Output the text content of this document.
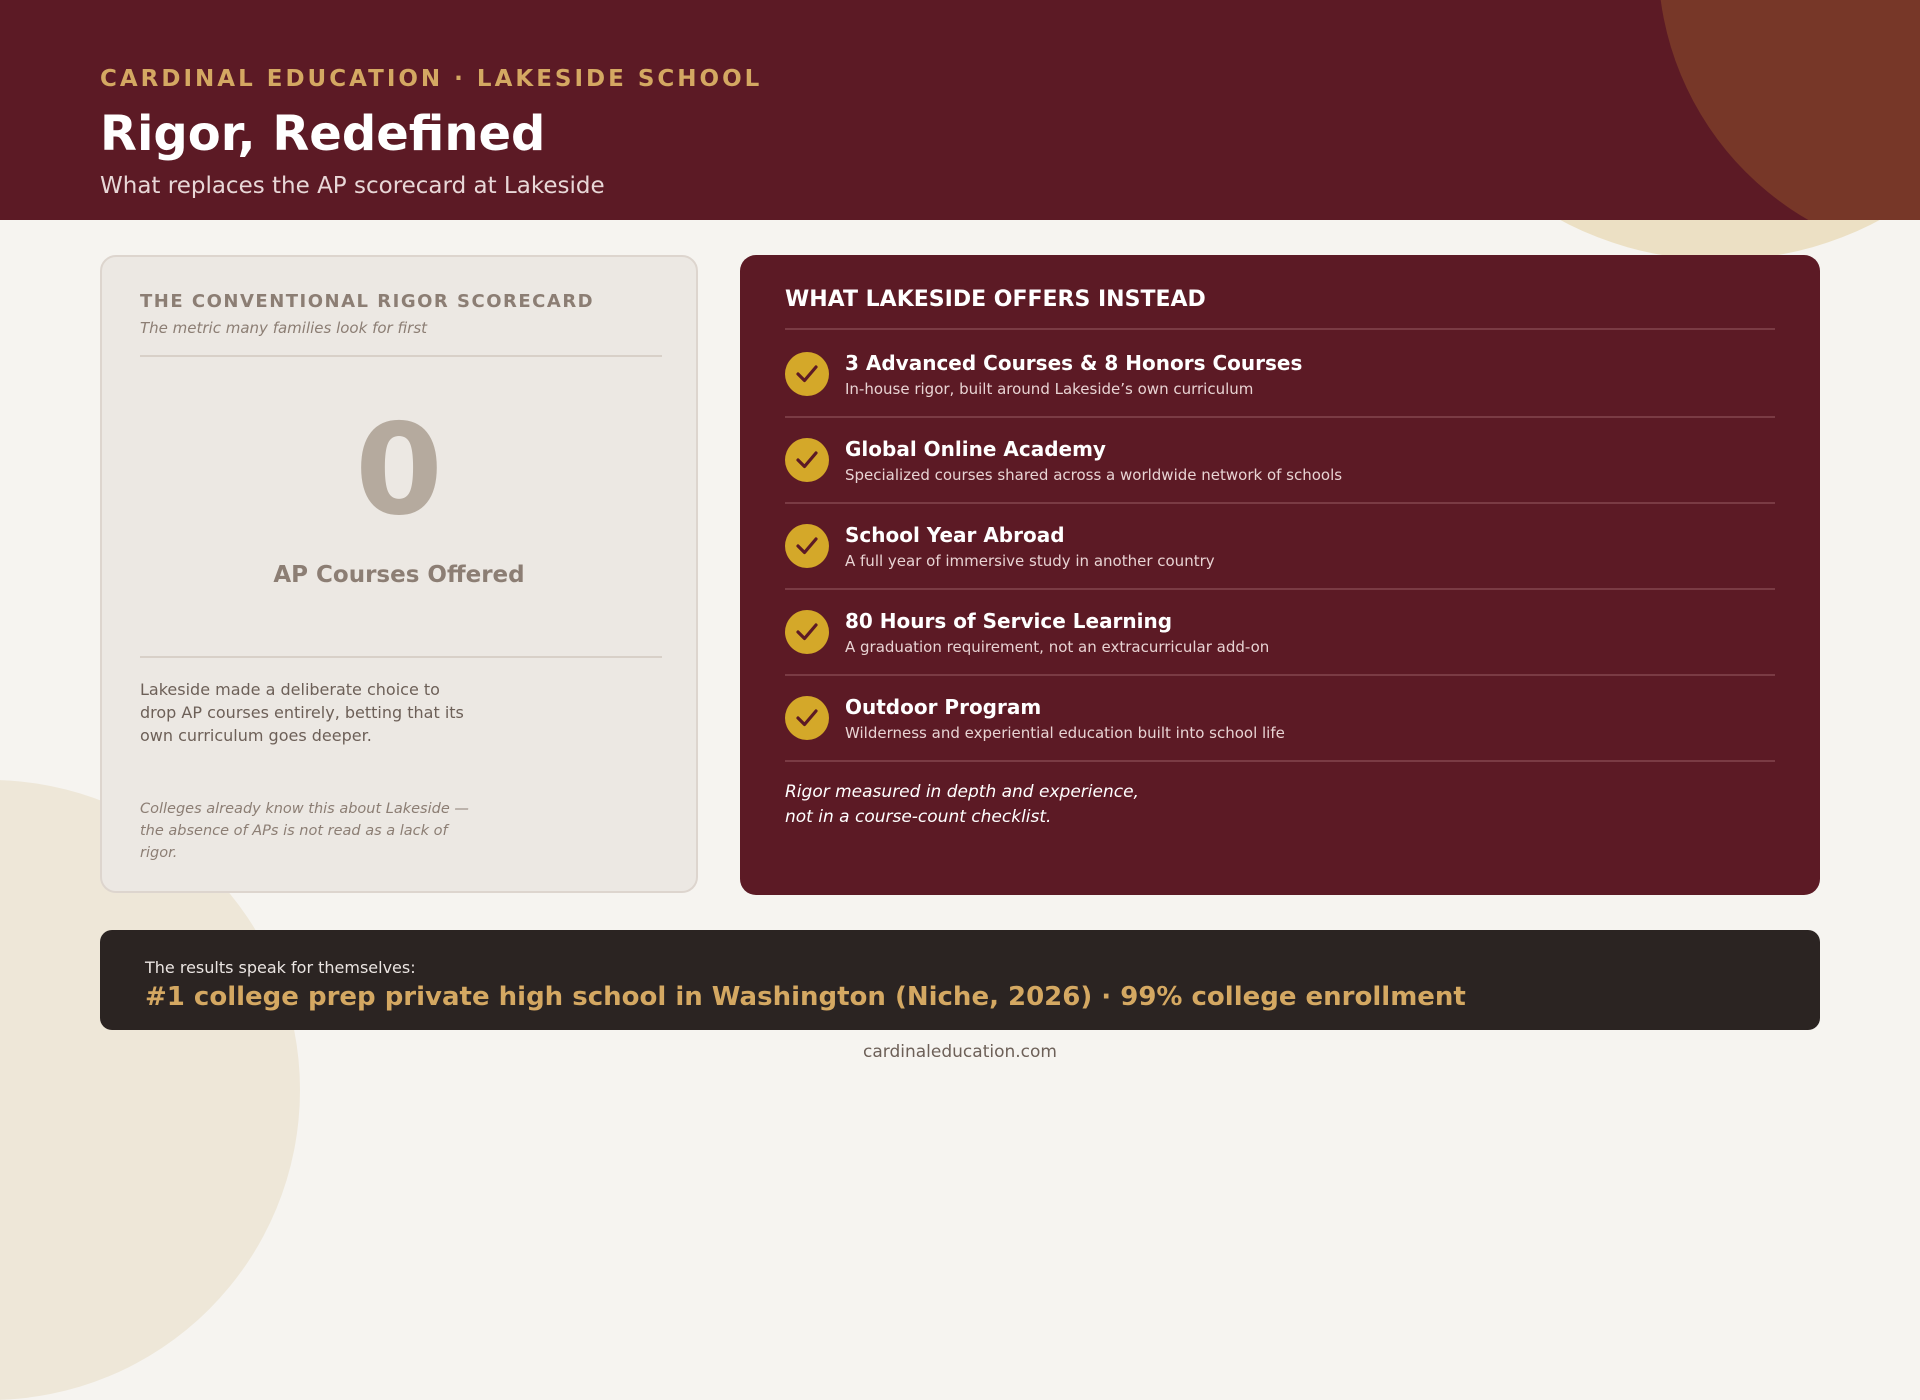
CARDINAL EDUCATION · LAKESIDE SCHOOL
Rigor, Redefined
What replaces the AP scorecard at Lakeside
THE CONVENTIONAL RIGOR SCORECARD
The metric many families look for first
0
AP Courses Offered
Lakeside made a deliberate choice to drop AP courses entirely, betting that its own curriculum goes deeper.
Colleges already know this about Lakeside — the absence of APs is not read as a lack of rigor.
WHAT LAKESIDE OFFERS INSTEAD
3 Advanced Courses & 8 Honors Courses
In-house rigor, built around Lakeside’s own curriculum
Global Online Academy
Specialized courses shared across a worldwide network of schools
School Year Abroad
A full year of immersive study in another country
80 Hours of Service Learning
A graduation requirement, not an extracurricular add-on
Outdoor Program
Wilderness and experiential education built into school life
Rigor measured in depth and experience,
not in a course-count checklist.
The results speak for themselves:
#1 college prep private high school in Washington (Niche, 2026) · 99% college enrollment
cardinaleducation.com
